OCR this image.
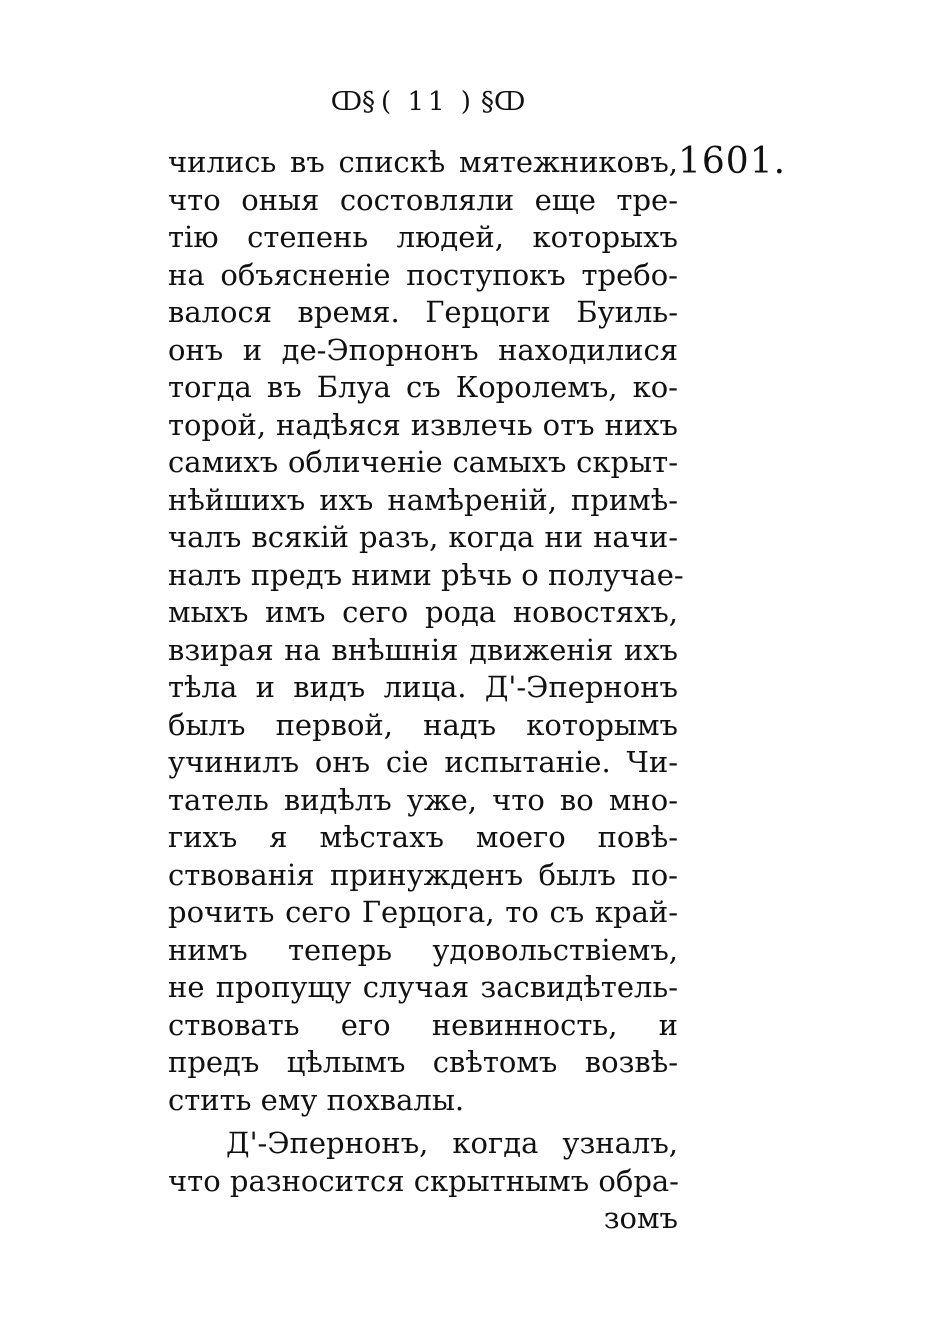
ↀ§ ( 11 ) §ↀ
1601.
чились въ спискѣ мятежниковъ,
что оныя состовляли еще тре-
тію степень людей, которыхъ
на объясненіе поступокъ требо-
валося время. Герцоги Буиль-
онъ и де-Эпорнонъ находилися
тогда въ Блуа съ Королемъ, ко-
торой, надѣяся извлечь отъ нихъ
самихъ обличеніе самыхъ скрыт-
нѣйшихъ ихъ намѣреній, примѣ-
чалъ всякій разъ, когда ни начи-
налъ предъ ними рѣчь о получае-
мыхъ имъ сего рода новостяхъ,
взирая на внѣшнія движенія ихъ
тѣла и видъ лица. Д'-Эпернонъ
былъ первой, надъ которымъ
учинилъ онъ сіе испытаніе. Чи-
татель видѣлъ уже, что во мно-
гихъ я мѣстахъ моего повѣ-
ствованія принужденъ былъ по-
рочить сего Герцога, то съ край-
нимъ теперь удовольствіемъ,
не пропущу случая засвидѣтель-
ствовать его невинность, и
предъ цѣлымъ свѣтомъ возвѣ-
стить ему похвалы.
Д'-Эпернонъ, когда узналъ,
что разносится скрытнымъ обра-
зомъ
